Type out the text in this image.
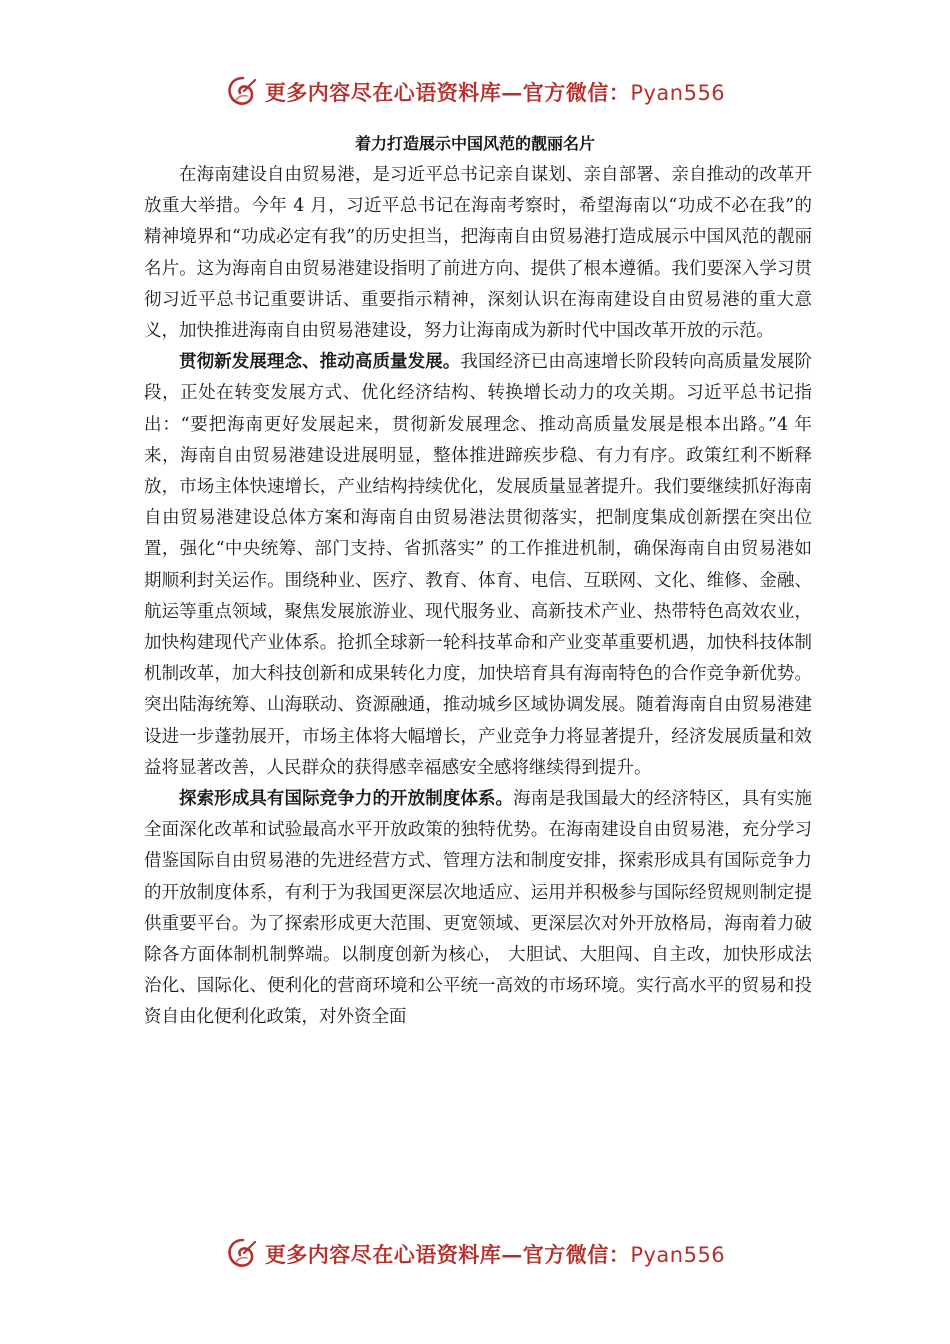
更多内容尽在心语资料库—官方微信：Pyan556
着力打造展示中国风范的靓丽名片

在海南建设自由贸易港，是习近平总书记亲自谋划、亲自部署、亲自推动的改革开放重大举措。今年 4 月，习近平总书记在海南考察时，希望海南以“功成不必在我”的精神境界和“功成必定有我”的历史担当，把海南自由贸易港打造成展示中国风范的靓丽名片。这为海南自由贸易港建设指明了前进方向、提供了根本遵循。我们要深入学习贯彻习近平总书记重要讲话、重要指示精神，深刻认识在海南建设自由贸易港的重大意义，加快推进海南自由贸易港建设，努力让海南成为新时代中国改革开放的示范。

贯彻新发展理念、推动高质量发展。我国经济已由高速增长阶段转向高质量发展阶段，正处在转变发展方式、优化经济结构、转换增长动力的攻关期。习近平总书记指出：“要把海南更好发展起来，贯彻新发展理念、推动高质量发展是根本出路。”4 年来，海南自由贸易港建设进展明显，整体推进蹄疾步稳、有力有序。政策红利不断释放，市场主体快速增长，产业结构持续优化，发展质量显著提升。我们要继续抓好海南自由贸易港建设总体方案和海南自由贸易港法贯彻落实，把制度集成创新摆在突出位置，强化“中央统筹、部门支持、省抓落实” 的工作推进机制，确保海南自由贸易港如期顺利封关运作。围绕种业、医疗、教育、体育、电信、互联网、文化、维修、金融、航运等重点领域，聚焦发展旅游业、现代服务业、高新技术产业、热带特色高效农业，加快构建现代产业体系。抢抓全球新一轮科技革命和产业变革重要机遇，加快科技体制机制改革，加大科技创新和成果转化力度，加快培育具有海南特色的合作竞争新优势。突出陆海统筹、山海联动、资源融通，推动城乡区域协调发展。随着海南自由贸易港建设进一步蓬勃展开，市场主体将大幅增长，产业竞争力将显著提升，经济发展质量和效益将显著改善，人民群众的获得感幸福感安全感将继续得到提升。

探索形成具有国际竞争力的开放制度体系。海南是我国最大的经济特区，具有实施全面深化改革和试验最高水平开放政策的独特优势。在海南建设自由贸易港，充分学习借鉴国际自由贸易港的先进经营方式、管理方法和制度安排，探索形成具有国际竞争力的开放制度体系，有利于为我国更深层次地适应、运用并积极参与国际经贸规则制定提供重要平台。为了探索形成更大范围、更宽领域、更深层次对外开放格局，海南着力破除各方面体制机制弊端。以制度创新为核心， 大胆试、大胆闯、自主改，加快形成法治化、国际化、便利化的营商环境和公平统一高效的市场环境。实行高水平的贸易和投资自由化便利化政策，对外资全面

更多内容尽在心语资料库—官方微信：Pyan556
